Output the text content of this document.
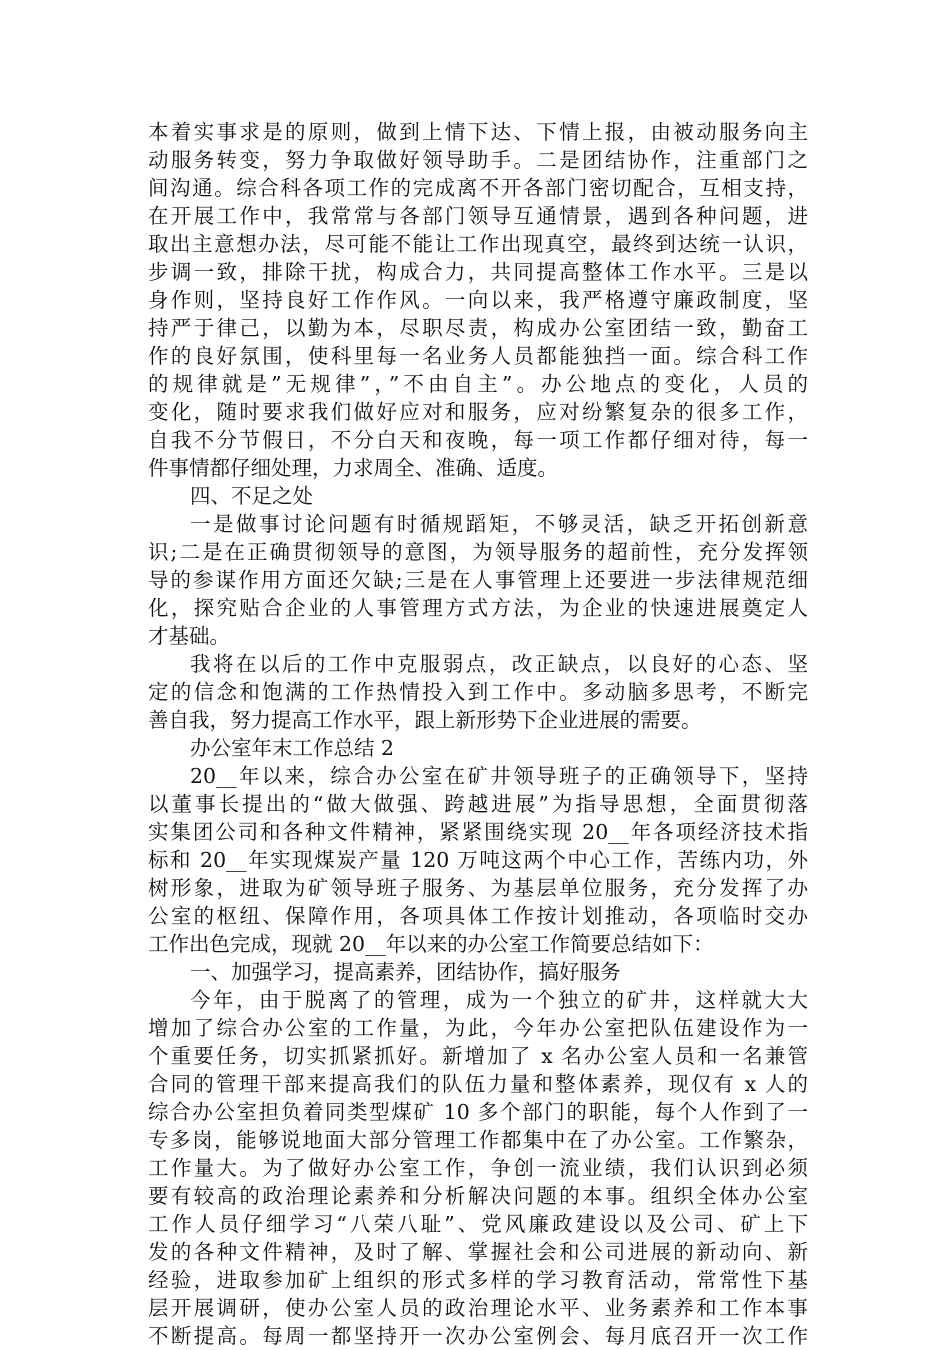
本着实事求是的原则，做到上情下达、下情上报，由被动服务向主
动服务转变，努力争取做好领导助手。二是团结协作，注重部门之
间沟通。综合科各项工作的完成离不开各部门密切配合，互相支持，
在开展工作中，我常常与各部门领导互通情景，遇到各种问题，进
取出主意想办法，尽可能不能让工作出现真空，最终到达统一认识，
步调一致，排除干扰，构成合力，共同提高整体工作水平。三是以
身作则，坚持良好工作作风。一向以来，我严格遵守廉政制度，坚
持严于律己，以勤为本，尽职尽责，构成办公室团结一致，勤奋工
作的良好氛围，使科里每一名业务人员都能独挡一面。综合科工作
的规律就是”无规律”，”不由自主”。办公地点的变化，人员的
变化，随时要求我们做好应对和服务，应对纷繁复杂的很多工作，
自我不分节假日，不分白天和夜晚，每一项工作都仔细对待，每一
件事情都仔细处理，力求周全、准确、适度。
四、不足之处
一是做事讨论问题有时循规蹈矩，不够灵活，缺乏开拓创新意
识;二是在正确贯彻领导的意图，为领导服务的超前性，充分发挥领
导的参谋作用方面还欠缺;三是在人事管理上还要进一步法律规范细
化，探究贴合企业的人事管理方式方法，为企业的快速进展奠定人
才基础。
我将在以后的工作中克服弱点，改正缺点，以良好的心态、坚
定的信念和饱满的工作热情投入到工作中。多动脑多思考，不断完
善自我，努力提高工作水平，跟上新形势下企业进展的需要。
办公室年末工作总结 2
20__年以来，综合办公室在矿井领导班子的正确领导下，坚持
以董事长提出的“做大做强、跨越进展”为指导思想，全面贯彻落
实集团公司和各种文件精神，紧紧围绕实现 20__年各项经济技术指
标和 20__年实现煤炭产量 120 万吨这两个中心工作，苦练内功，外
树形象，进取为矿领导班子服务、为基层单位服务，充分发挥了办
公室的枢纽、保障作用，各项具体工作按计划推动，各项临时交办
工作出色完成，现就 20__年以来的办公室工作简要总结如下：
一、加强学习，提高素养，团结协作，搞好服务
今年，由于脱离了的管理，成为一个独立的矿井，这样就大大
增加了综合办公室的工作量，为此，今年办公室把队伍建设作为一
个重要任务，切实抓紧抓好。新增加了 x 名办公室人员和一名兼管
合同的管理干部来提高我们的队伍力量和整体素养，现仅有 x 人的
综合办公室担负着同类型煤矿 10 多个部门的职能，每个人作到了一
专多岗，能够说地面大部分管理工作都集中在了办公室。工作繁杂，
工作量大。为了做好办公室工作，争创一流业绩，我们认识到必须
要有较高的政治理论素养和分析解决问题的本事。组织全体办公室
工作人员仔细学习“八荣八耻”、党风廉政建设以及公司、矿上下
发的各种文件精神，及时了解、掌握社会和公司进展的新动向、新
经验，进取参加矿上组织的形式多样的学习教育活动，常常性下基
层开展调研，使办公室人员的政治理论水平、业务素养和工作本事
不断提高。每周一都坚持开一次办公室例会、每月底召开一次工作
